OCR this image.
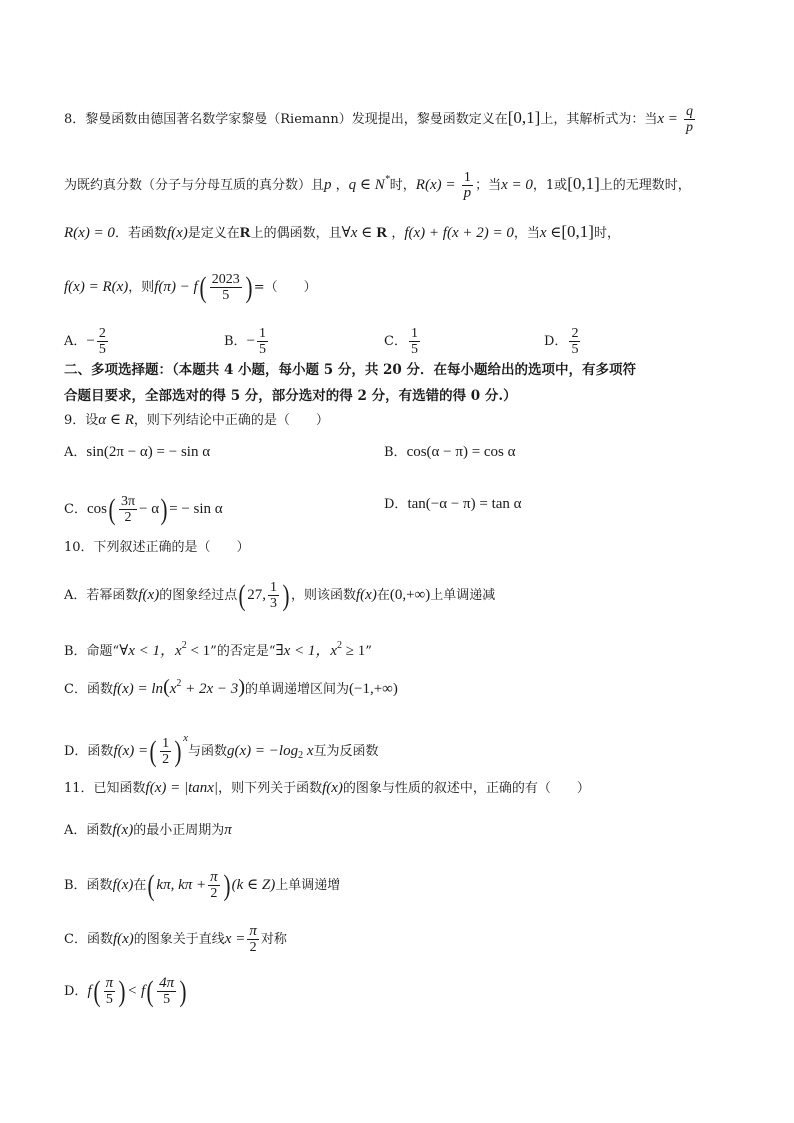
8．黎曼函数由德国著名数学家黎曼（Riemann）发现提出，黎曼函数定义在[0,1]上，其解析式为：当$x = \frac{q}{p}$
为既约真分数（分子与分母互质的真分数）且p ，q ∈ N*时，$R(x) = \frac{1}{p}$ ；当x = 0，1或[0,1]上的无理数时，
R(x) = 0．若函数f(x)是定义在R上的偶函数，且∀x ∈ R ，f(x) + f(x + 2) = 0，当x ∈[0,1]时，
f(x) = R(x)，则$f(\pi) - f( \frac{2023}{5}$ ) =（　　）
A．− $\frac{2}{5}$	B．− $\frac{1}{5}$	C． $\frac{1}{5}$	D． $\frac{2}{5}$
二、多项选择题：（本题共 4 小题，每小题 5 分，共 20 分．在每小题给出的选项中，有多项符
合题目要求，全部选对的得 5 分，部分选对的得 2 分，有选错的得 0 分.）
9．设α ∈ R，则下列结论中正确的是（　　）
A．sin(2π − α) = − sin α	B．cos(α − π) = cos α
C．$\cos( \frac{3\pi}{2} - \alpha)$ = − sin α	D．tan(−α − π) = tan α
10．下列叙述正确的是（　　）
A．若幂函数f(x)的图象经过点( 27, $\frac{1}{3}$ ) ，则该函数f(x)在(0,+∞)上单调递减
B．命题“∀x < 1，$x^2 < 1$”的否定是“∃x < 1，$x^2 \ge 1$”
C．函数$f(x) = \ln(x^2 + 2x - 3)$的单调递增区间为(−1,+∞)
D．函数f(x) =( $\frac{1}{2}$ ) $^x$与函数$g(x) = -\log_2$ x互为反函数
11．已知函数f(x) = |tanx|，则下列关于函数f(x)的图象与性质的叙述中，正确的有（　　）
A．函数f(x)的最小正周期为π
B．函数f(x)在( kπ, $k\pi + \frac{\pi}{2}$ ) (k ∈ Z)上单调递增
C．函数f(x)的图象关于直线$x = \frac{\pi}{2}$ 对称
D．$f( \frac{\pi}{5}$ ) < $f( \frac{4\pi}{5}$ )
